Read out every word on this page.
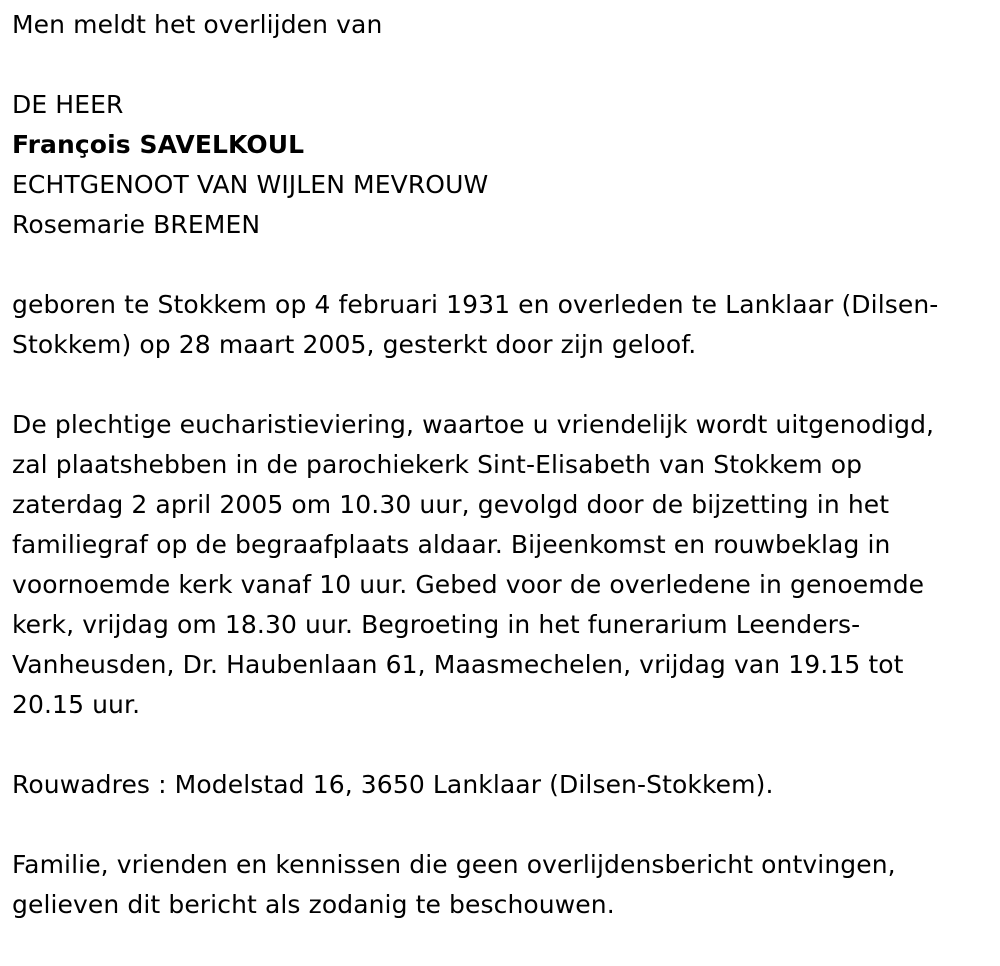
Men meldt het overlijden van

DE HEER

François SAVELKOUL

ECHTGENOOT VAN WIJLEN MEVROUW

Rosemarie BREMEN

geboren te Stokkem op 4 februari 1931 en overleden te Lanklaar (Dilsen-

Stokkem) op 28 maart 2005, gesterkt door zijn geloof.

De plechtige eucharistieviering, waartoe u vriendelijk wordt uitgenodigd,

zal plaatshebben in de parochiekerk Sint-Elisabeth van Stokkem op

zaterdag 2 april 2005 om 10.30 uur, gevolgd door de bijzetting in het

familiegraf op de begraafplaats aldaar. Bijeenkomst en rouwbeklag in

voornoemde kerk vanaf 10 uur. Gebed voor de overledene in genoemde

kerk, vrijdag om 18.30 uur. Begroeting in het funerarium Leenders-

Vanheusden, Dr. Haubenlaan 61, Maasmechelen, vrijdag van 19.15 tot

20.15 uur.

Rouwadres : Modelstad 16, 3650 Lanklaar (Dilsen-Stokkem).

Familie, vrienden en kennissen die geen overlijdensbericht ontvingen,

gelieven dit bericht als zodanig te beschouwen.
